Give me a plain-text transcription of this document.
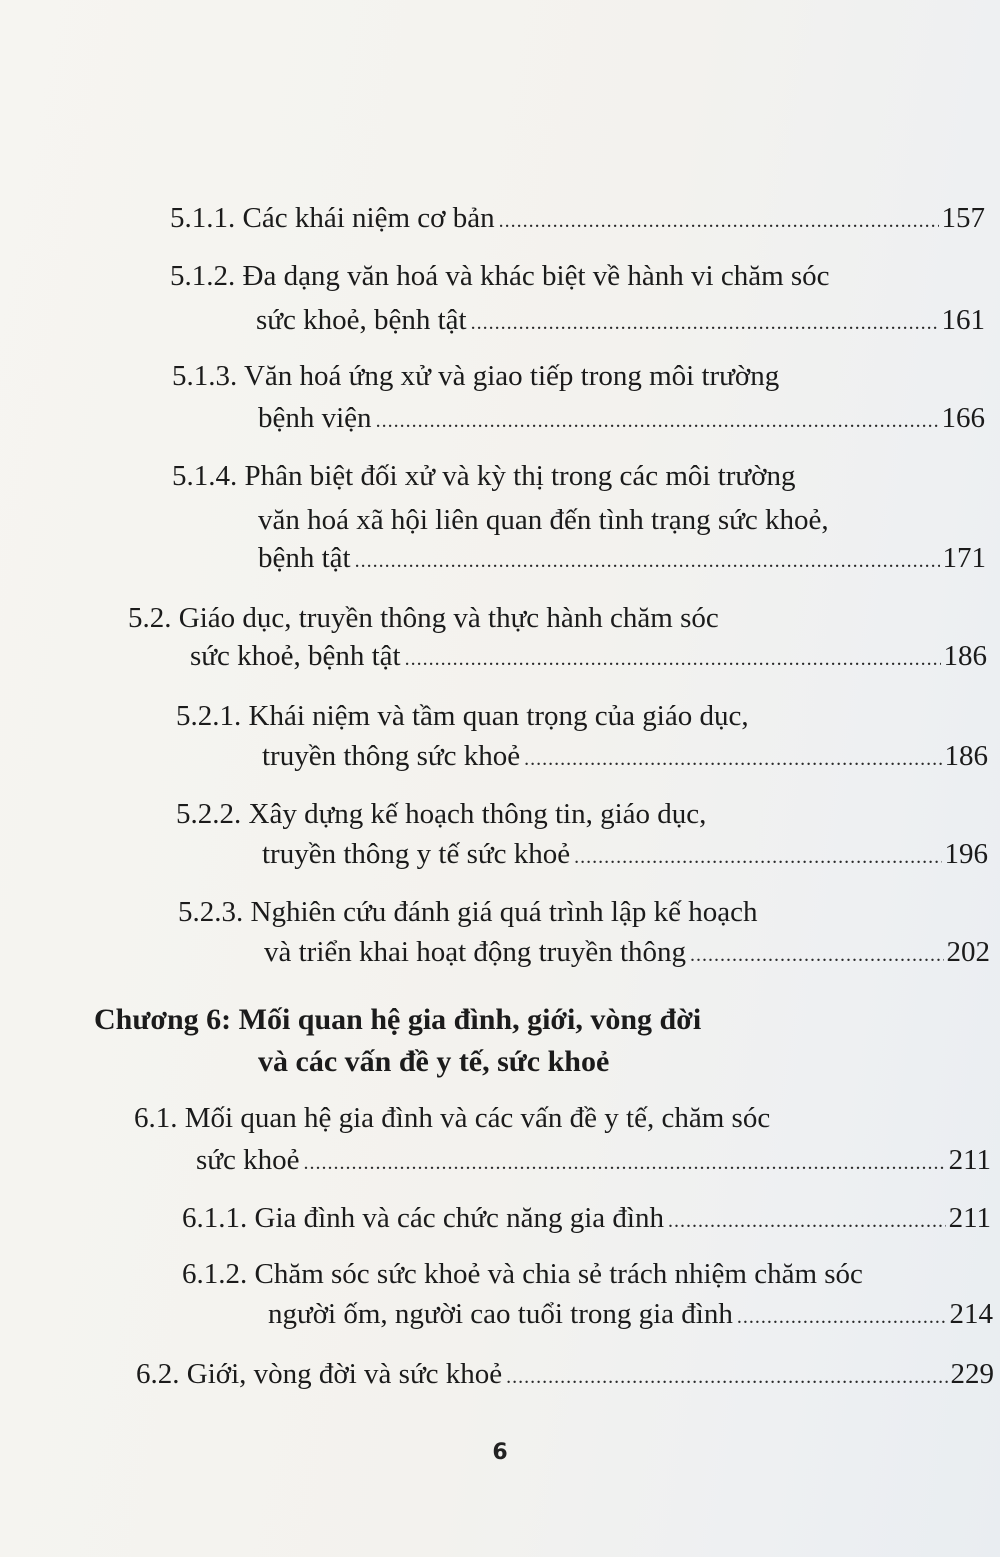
5.1.1. Các khái niệm cơ bản .....	157
5.1.2. Đa dạng văn hoá và khác biệt về hành vi chăm sóc
sức khoẻ, bệnh tật .....	161
5.1.3. Văn hoá ứng xử và giao tiếp trong môi trường
bệnh viện .....	166
5.1.4. Phân biệt đối xử và kỳ thị trong các môi trường
văn hoá xã hội liên quan đến tình trạng sức khoẻ,
bệnh tật .....	171
5.2. Giáo dục, truyền thông và thực hành chăm sóc
sức khoẻ, bệnh tật .....	186
5.2.1. Khái niệm và tầm quan trọng của giáo dục,
truyền thông sức khoẻ .....	186
5.2.2. Xây dựng kế hoạch thông tin, giáo dục,
truyền thông y tế sức khoẻ .....	196
5.2.3. Nghiên cứu đánh giá quá trình lập kế hoạch
và triển khai hoạt động truyền thông .....	202
Chương 6: Mối quan hệ gia đình, giới, vòng đời
và các vấn đề y tế, sức khoẻ
6.1. Mối quan hệ gia đình và các vấn đề y tế, chăm sóc
sức khoẻ .....	211
6.1.1. Gia đình và các chức năng gia đình .....	211
6.1.2. Chăm sóc sức khoẻ và chia sẻ trách nhiệm chăm sóc
người ốm, người cao tuổi trong gia đình .....	214
6.2. Giới, vòng đời và sức khoẻ .....	229
6
